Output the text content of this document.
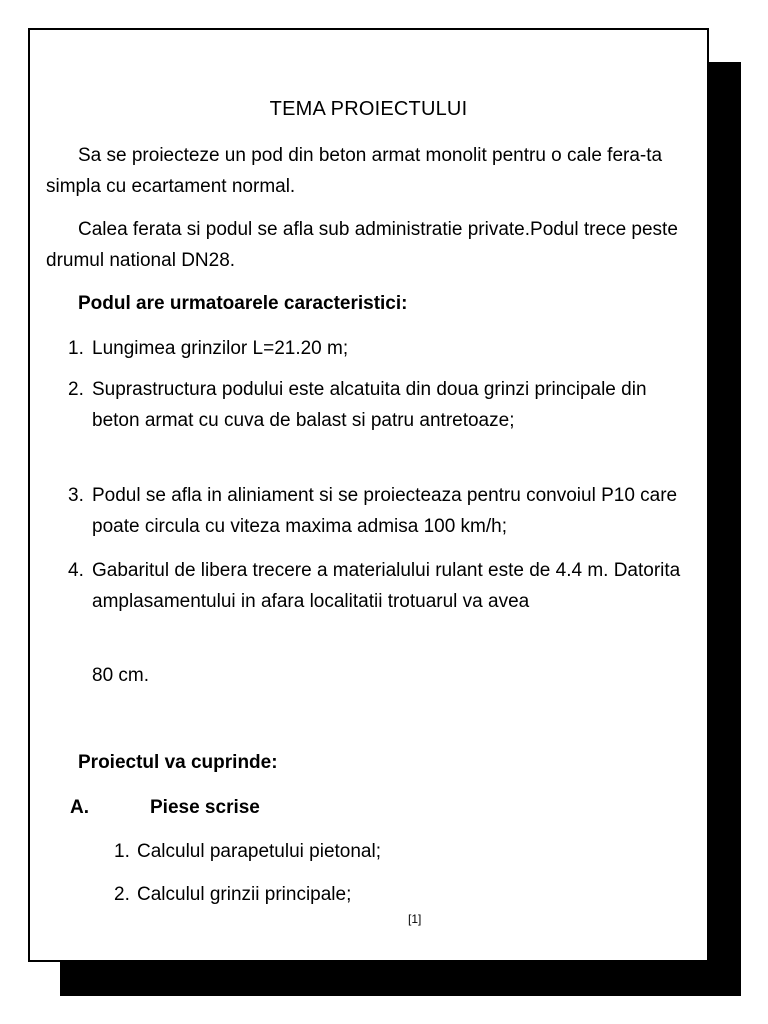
TEMA PROIECTULUI

Sa se proiecteze un pod din beton armat monolit pentru o cale fera-ta simpla cu ecartament normal.

Calea ferata si podul se afla sub administratie private.Podul trece peste drumul national DN28.

Podul are urmatoarele caracteristici:

1. Lungimea grinzilor L=21.20 m;
2. Suprastructura podului este alcatuita din doua grinzi principale din beton armat cu cuva de balast si patru antretoaze;
3. Podul se afla in aliniament si se proiecteaza pentru convoiul P10 care poate circula cu viteza maxima admisa 100 km/h;
4. Gabaritul de libera trecere a materialului rulant este de 4.4 m. Datorita amplasamentului in afara localitatii trotuarul va avea

80 cm.

Proiectul va cuprinde:

A.	Piese scrise
1. Calculul parapetului pietonal;
2. Calculul grinzii principale;
[1]
